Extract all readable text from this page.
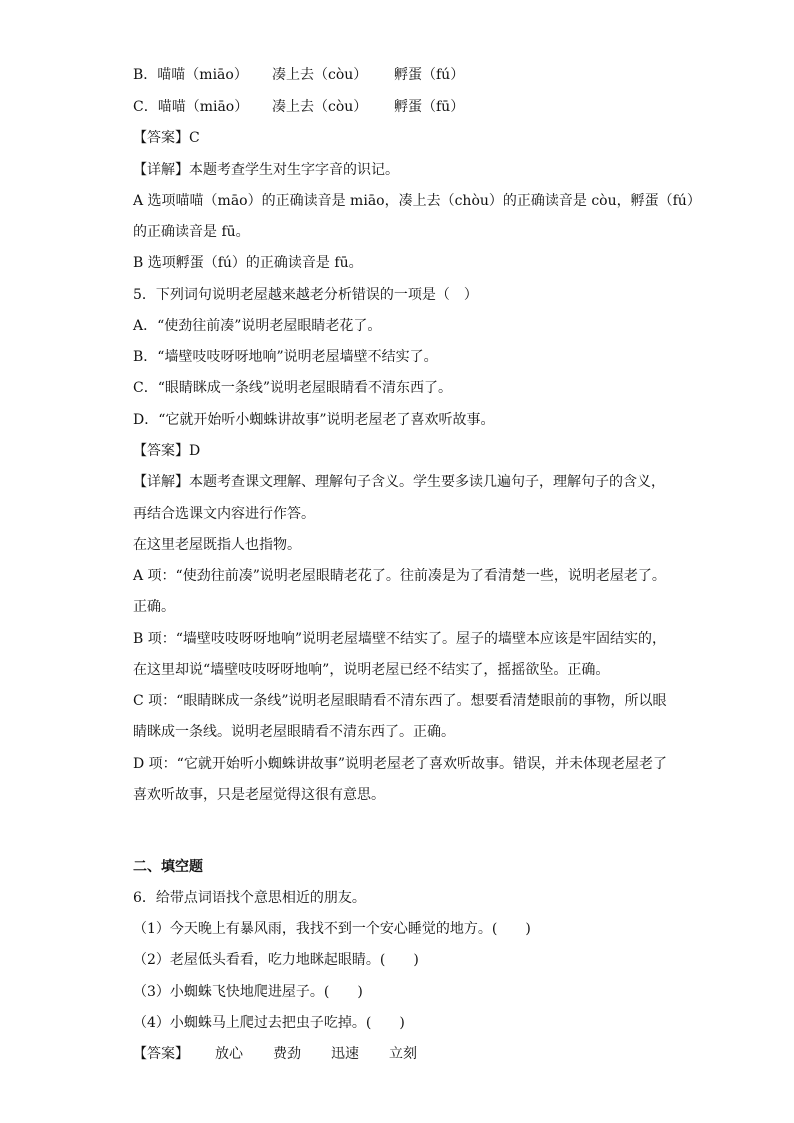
B．喵喵（miāo） 凑上去（còu） 孵蛋（fú）
C．喵喵（miāo） 凑上去（còu） 孵蛋（fū）
【答案】C
【详解】本题考查学生对生字字音的识记。
A 选项喵喵（māo）的正确读音是 miāo，凑上去（chòu）的正确读音是 còu，孵蛋（fú）
的正确读音是 fū。
B 选项孵蛋（fú）的正确读音是 fū。
5．下列词句说明老屋越来越老分析错误的一项是（　）
A．“使劲往前凑”说明老屋眼睛老花了。
B．“墙壁吱吱呀呀地响”说明老屋墙壁不结实了。
C．“眼睛眯成一条线”说明老屋眼睛看不清东西了。
D．“它就开始听小蜘蛛讲故事”说明老屋老了喜欢听故事。
【答案】D
【详解】本题考查课文理解、理解句子含义。学生要多读几遍句子，理解句子的含义，
再结合选课文内容进行作答。
在这里老屋既指人也指物。
A 项：“使劲往前凑”说明老屋眼睛老花了。往前凑是为了看清楚一些，说明老屋老了。
正确。
B 项：“墙壁吱吱呀呀地响”说明老屋墙壁不结实了。屋子的墙壁本应该是牢固结实的，
在这里却说“墙壁吱吱呀呀地响”，说明老屋已经不结实了，摇摇欲坠。正确。
C 项：“眼睛眯成一条线”说明老屋眼睛看不清东西了。想要看清楚眼前的事物，所以眼
睛眯成一条线。说明老屋眼睛看不清东西了。正确。
D 项：“它就开始听小蜘蛛讲故事”说明老屋老了喜欢听故事。错误，并未体现老屋老了
喜欢听故事，只是老屋觉得这很有意思。
二、填空题
6．给带点词语找个意思相近的朋友。
（1）今天晚上有暴风雨，我找不到一个安心睡觉的地方。(　　)
（2）老屋低头看看，吃力地眯起眼睛。(　　)
（3）小蜘蛛飞快地爬进屋子。(　　)
（4）小蜘蛛马上爬过去把虫子吃掉。(　　)
【答案】 放心 费劲 迅速 立刻
